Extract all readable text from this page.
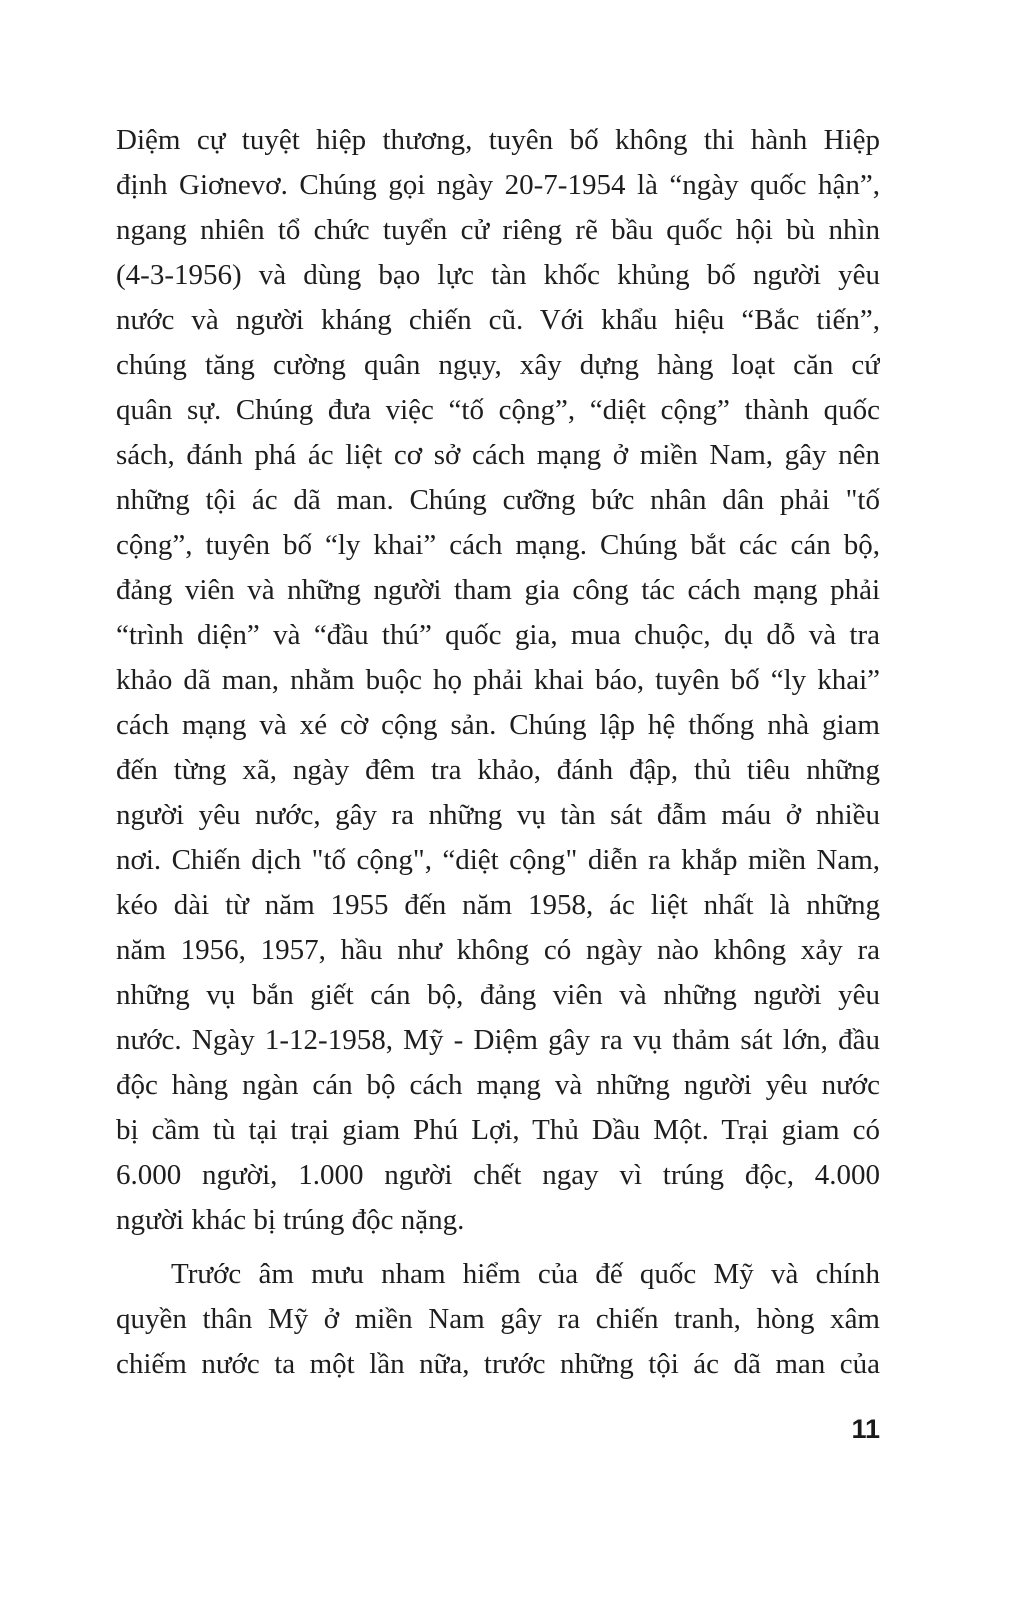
Diệm cự tuyệt hiệp thương, tuyên bố không thi hành Hiệp
định Giơnevơ. Chúng gọi ngày 20-7-1954 là “ngày quốc hận”,
ngang nhiên tổ chức tuyển cử riêng rẽ bầu quốc hội bù nhìn
(4-3-1956) và dùng bạo lực tàn khốc khủng bố người yêu
nước và người kháng chiến cũ. Với khẩu hiệu “Bắc tiến”,
chúng tăng cường quân ngụy, xây dựng hàng loạt căn cứ
quân sự. Chúng đưa việc “tố cộng”, “diệt cộng” thành quốc
sách, đánh phá ác liệt cơ sở cách mạng ở miền Nam, gây nên
những tội ác dã man. Chúng cưỡng bức nhân dân phải "tố
cộng”, tuyên bố “ly khai” cách mạng. Chúng bắt các cán bộ,
đảng viên và những người tham gia công tác cách mạng phải
“trình diện” và “đầu thú” quốc gia, mua chuộc, dụ dỗ và tra
khảo dã man, nhằm buộc họ phải khai báo, tuyên bố “ly khai”
cách mạng và xé cờ cộng sản. Chúng lập hệ thống nhà giam
đến từng xã, ngày đêm tra khảo, đánh đập, thủ tiêu những
người yêu nước, gây ra những vụ tàn sát đẫm máu ở nhiều
nơi. Chiến dịch "tố cộng", “diệt cộng" diễn ra khắp miền Nam,
kéo dài từ năm 1955 đến năm 1958, ác liệt nhất là những
năm 1956, 1957, hầu như không có ngày nào không xảy ra
những vụ bắn giết cán bộ, đảng viên và những người yêu
nước. Ngày 1-12-1958, Mỹ - Diệm gây ra vụ thảm sát lớn, đầu
độc hàng ngàn cán bộ cách mạng và những người yêu nước
bị cầm tù tại trại giam Phú Lợi, Thủ Dầu Một. Trại giam có
6.000 người, 1.000 người chết ngay vì trúng độc, 4.000
người khác bị trúng độc nặng.
Trước âm mưu nham hiểm của đế quốc Mỹ và chính
quyền thân Mỹ ở miền Nam gây ra chiến tranh, hòng xâm
chiếm nước ta một lần nữa, trước những tội ác dã man của
11
